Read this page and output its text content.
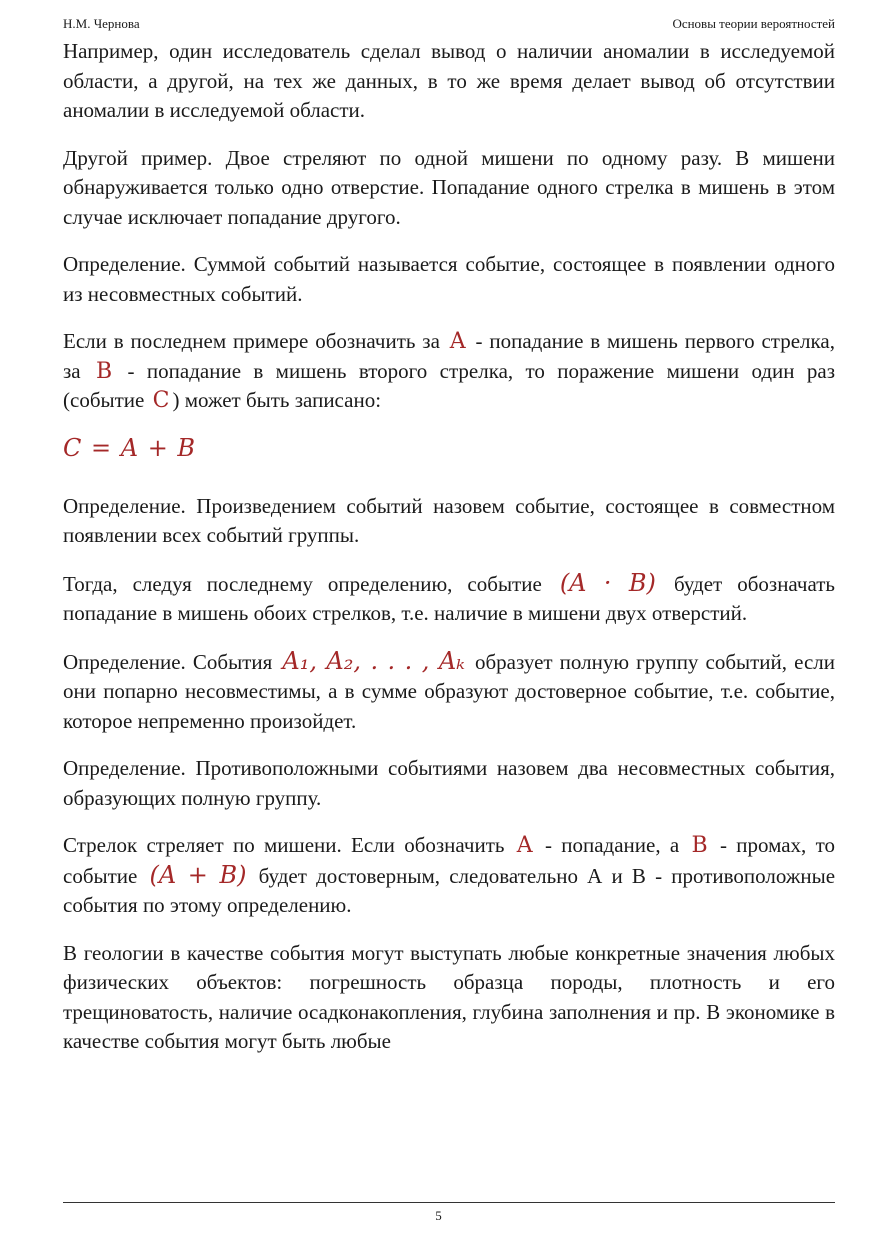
Н.М. Чернова	Основы теории вероятностей

Например, один исследователь сделал вывод о наличии аномалии в исследуемой области, а другой, на тех же данных, в то же время делает вывод об отсутствии аномалии в исследуемой области.

Другой пример. Двое стреляют по одной мишени по одному разу. В мишени обнаруживается только одно отверстие. Попадание одного стрелка в мишень в этом случае исключает попадание другого.

Определение. Суммой событий называется событие, состоящее в появлении одного из несовместных событий.

Если в последнем примере обозначить за A - попадание в мишень первого стрелка, за B - попадание в мишень второго стрелка, то поражение мишени один раз (событие C ) может быть записано:

C = A + B

Определение. Произведением событий назовем событие, состоящее в совместном появлении всех событий группы.

Тогда, следуя последнему определению, событие (A · B) будет обозначать попадание в мишень обоих стрелков, т.е. наличие в мишени двух отверстий.

Определение. События A₁, A₂, . . . , Aₖ образует полную группу событий, если они попарно несовместимы, а в сумме образуют достоверное событие, т.е. событие, которое непременно произойдет.

Определение. Противоположными событиями назовем два несовместных события, образующих полную группу.

Стрелок стреляет по мишени. Если обозначить A - попадание, а B - промах, то событие (A + B) будет достоверным, следовательно А и В - противоположные события по этому определению.

В геологии в качестве события могут выступать любые конкретные значения любых физических объектов: погрешность образца породы, плотность и его трещиноватость, наличие осадконакопления, глубина заполнения и пр. В экономике в качестве события могут быть любые

5
